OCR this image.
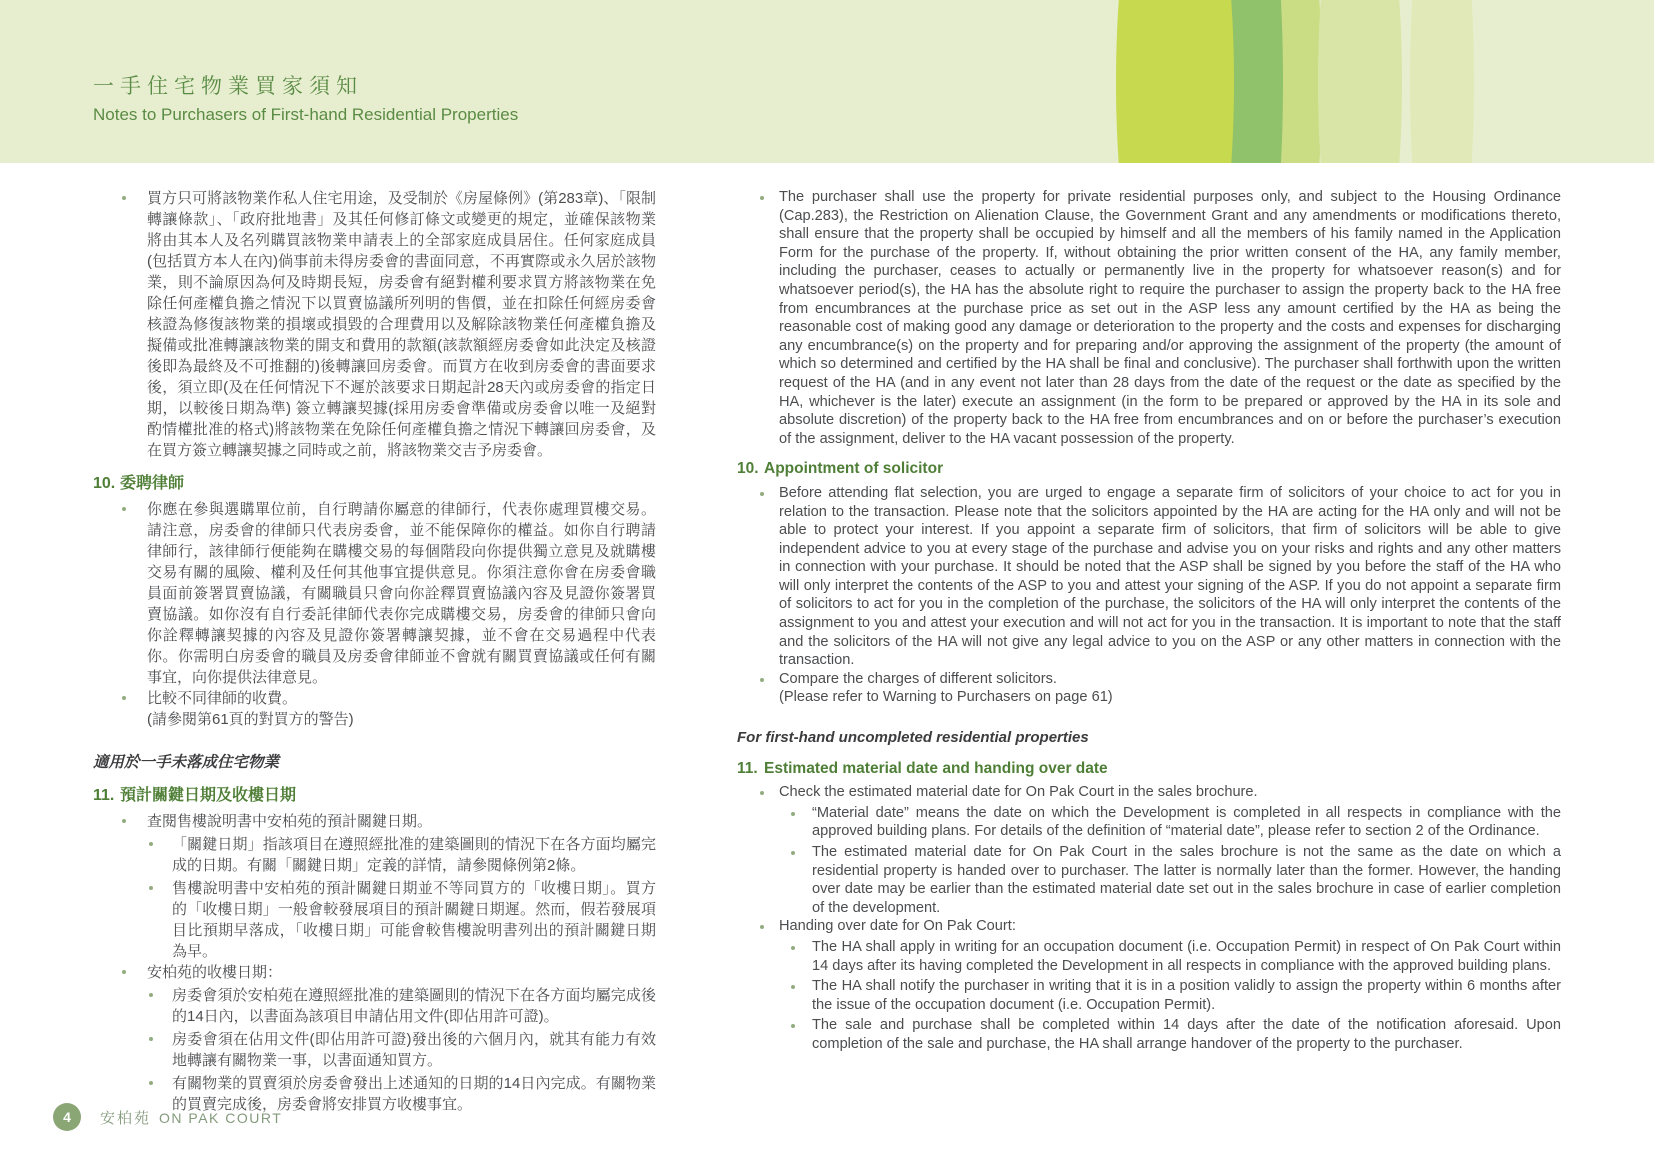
一手住宅物業買家須知
Notes to Purchasers of First-hand Residential Properties

買方只可將該物業作私人住宅用途，及受制於《房屋條例》(第283章)、「限制轉讓條款」、「政府批地書」及其任何修訂條文或變更的規定，並確保該物業將由其本人及名列購買該物業申請表上的全部家庭成員居住。任何家庭成員(包括買方本人在內)倘事前未得房委會的書面同意，不再實際或永久居於該物業，則不論原因為何及時期長短，房委會有絕對權利要求買方將該物業在免除任何產權負擔之情況下以買賣協議所列明的售價，並在扣除任何經房委會核證為修復該物業的損壞或損毀的合理費用以及解除該物業任何產權負擔及擬備或批准轉讓該物業的開支和費用的款額(該款額經房委會如此決定及核證後即為最終及不可推翻的)後轉讓回房委會。而買方在收到房委會的書面要求後，須立即(及在任何情況下不遲於該要求日期起計28天內或房委會的指定日期，以較後日期為準) 簽立轉讓契據(採用房委會準備或房委會以唯一及絕對酌情權批准的格式)將該物業在免除任何產權負擔之情況下轉讓回房委會，及在買方簽立轉讓契據之同時或之前，將該物業交吉予房委會。

10. 委聘律師

你應在參與選購單位前，自行聘請你屬意的律師行，代表你處理買樓交易。請注意，房委會的律師只代表房委會，並不能保障你的權益。如你自行聘請律師行，該律師行便能夠在購樓交易的每個階段向你提供獨立意見及就購樓交易有關的風險、權利及任何其他事宜提供意見。你須注意你會在房委會職員面前簽署買賣協議，有關職員只會向你詮釋買賣協議內容及見證你簽署買賣協議。如你沒有自行委託律師代表你完成購樓交易，房委會的律師只會向你詮釋轉讓契據的內容及見證你簽署轉讓契據，並不會在交易過程中代表你。你需明白房委會的職員及房委會律師並不會就有關買賣協議或任何有關事宜，向你提供法律意見。

比較不同律師的收費。

(請參閱第61頁的對買方的警告)

適用於一手未落成住宅物業
11. 預計關鍵日期及收樓日期

查閱售樓說明書中安柏苑的預計關鍵日期。

「關鍵日期」指該項目在遵照經批准的建築圖則的情況下在各方面均屬完成的日期。有關「關鍵日期」定義的詳情，請參閱條例第2條。

售樓說明書中安柏苑的預計關鍵日期並不等同買方的「收樓日期」。買方的「收樓日期」一般會較發展項目的預計關鍵日期遲。然而，假若發展項目比預期早落成，「收樓日期」可能會較售樓說明書列出的預計關鍵日期為早。

安柏苑的收樓日期：

房委會須於安柏苑在遵照經批准的建築圖則的情況下在各方面均屬完成後的14日內，以書面為該項目申請佔用文件(即佔用許可證)。

房委會須在佔用文件(即佔用許可證)發出後的六個月內，就其有能力有效地轉讓有關物業一事，以書面通知買方。

有關物業的買賣須於房委會發出上述通知的日期的14日內完成。有關物業的買賣完成後，房委會將安排買方收樓事宜。

The purchaser shall use the property for private residential purposes only, and subject to the Housing Ordinance (Cap.283), the Restriction on Alienation Clause, the Government Grant and any amendments or modifications thereto, shall ensure that the property shall be occupied by himself and all the members of his family named in the Application Form for the purchase of the property. If, without obtaining the prior written consent of the HA, any family member, including the purchaser, ceases to actually or permanently live in the property for whatsoever reason(s) and for whatsoever period(s), the HA has the absolute right to require the purchaser to assign the property back to the HA free from encumbrances at the purchase price as set out in the ASP less any amount certified by the HA as being the reasonable cost of making good any damage or deterioration to the property and the costs and expenses for discharging any encumbrance(s) on the property and for preparing and/or approving the assignment of the property (the amount of which so determined and certified by the HA shall be final and conclusive). The purchaser shall forthwith upon the written request of the HA (and in any event not later than 28 days from the date of the request or the date as specified by the HA, whichever is the later) execute an assignment (in the form to be prepared or approved by the HA in its sole and absolute discretion) of the property back to the HA free from encumbrances and on or before the purchaser’s execution of the assignment, deliver to the HA vacant possession of the property.

10. Appointment of solicitor

Before attending flat selection, you are urged to engage a separate firm of solicitors of your choice to act for you in relation to the transaction. Please note that the solicitors appointed by the HA are acting for the HA only and will not be able to protect your interest. If you appoint a separate firm of solicitors, that firm of solicitors will be able to give independent advice to you at every stage of the purchase and advise you on your risks and rights and any other matters in connection with your purchase. It should be noted that the ASP shall be signed by you before the staff of the HA who will only interpret the contents of the ASP to you and attest your signing of the ASP. If you do not appoint a separate firm of solicitors to act for you in the completion of the purchase, the solicitors of the HA will only interpret the contents of the assignment to you and attest your execution and will not act for you in the transaction. It is important to note that the staff and the solicitors of the HA will not give any legal advice to you on the ASP or any other matters in connection with the transaction.

Compare the charges of different solicitors.

(Please refer to Warning to Purchasers on page 61)

For first-hand uncompleted residential properties
11. Estimated material date and handing over date

Check the estimated material date for On Pak Court in the sales brochure.

“Material date” means the date on which the Development is completed in all respects in compliance with the approved building plans. For details of the definition of “material date”, please refer to section 2 of the Ordinance.

The estimated material date for On Pak Court in the sales brochure is not the same as the date on which a residential property is handed over to purchaser. The latter is normally later than the former. However, the handing over date may be earlier than the estimated material date set out in the sales brochure in case of earlier completion of the development.

Handing over date for On Pak Court:

The HA shall apply in writing for an occupation document (i.e. Occupation Permit) in respect of On Pak Court within 14 days after its having completed the Development in all respects in compliance with the approved building plans.

The HA shall notify the purchaser in writing that it is in a position validly to assign the property within 6 months after the issue of the occupation document (i.e. Occupation Permit).

The sale and purchase shall be completed within 14 days after the date of the notification aforesaid. Upon completion of the sale and purchase, the HA shall arrange handover of the property to the purchaser.

4	安柏苑 ON PAK COURT
